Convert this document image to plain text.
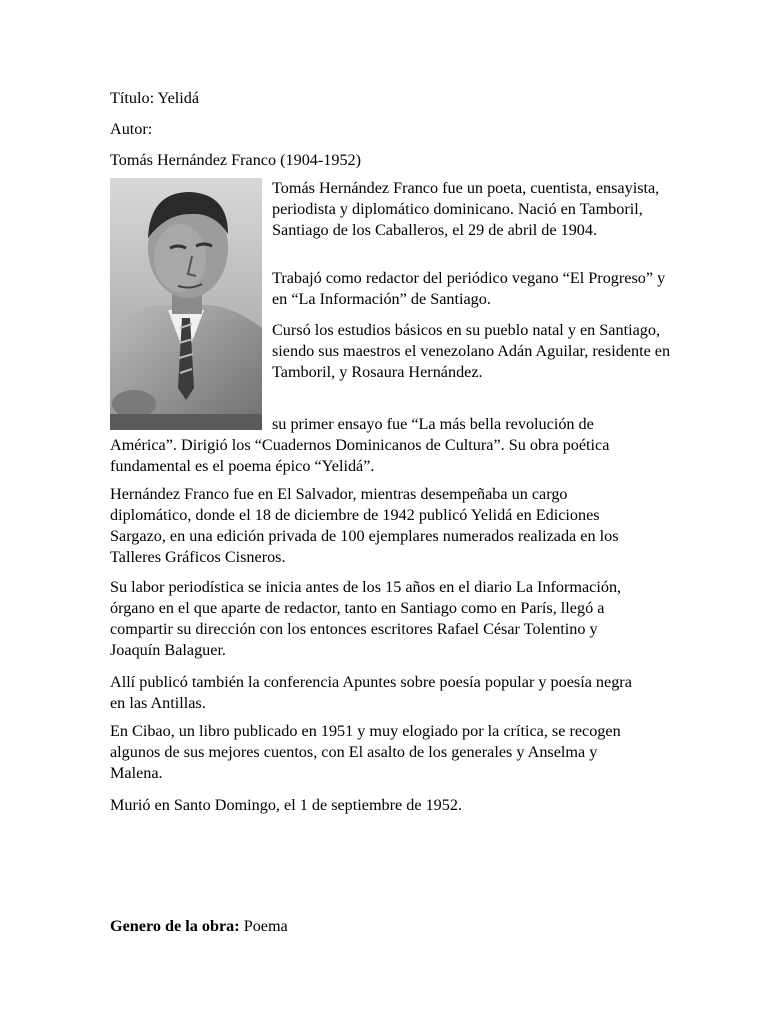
Título: Yelidá

Autor:

Tomás Hernández Franco (1904-1952)

Tomás Hernández Franco fue un poeta, cuentista, ensayista, periodista y diplomático dominicano. Nació en Tamboril, Santiago de los Caballeros, el 29 de abril de 1904.

Trabajó como redactor del periódico vegano “El Progreso” y en “La Información” de Santiago.

Cursó los estudios básicos en su pueblo natal y en Santiago, siendo sus maestros el venezolano Adán Aguilar, residente en Tamboril, y Rosaura Hernández.

su primer ensayo fue “La más bella revolución de
América”. Dirigió los “Cuadernos Dominicanos de Cultura”. Su obra poética fundamental es el poema épico “Yelidá”.

Hernández Franco fue en El Salvador, mientras desempeñaba un cargo diplomático, donde el 18 de diciembre de 1942 publicó Yelidá en Ediciones Sargazo, en una edición privada de 100 ejemplares numerados realizada en los Talleres Gráficos Cisneros.

Su labor periodística se inicia antes de los 15 años en el diario La Información, órgano en el que aparte de redactor, tanto en Santiago como en París, llegó a compartir su dirección con los entonces escritores Rafael César Tolentino y Joaquín Balaguer.

Allí publicó también la conferencia Apuntes sobre poesía popular y poesía negra en las Antillas.

En Cibao, un libro publicado en 1951 y muy elogiado por la crítica, se recogen algunos de sus mejores cuentos, con El asalto de los generales y Anselma y Malena.

Murió en Santo Domingo, el 1 de septiembre de 1952.

Genero de la obra: Poema
